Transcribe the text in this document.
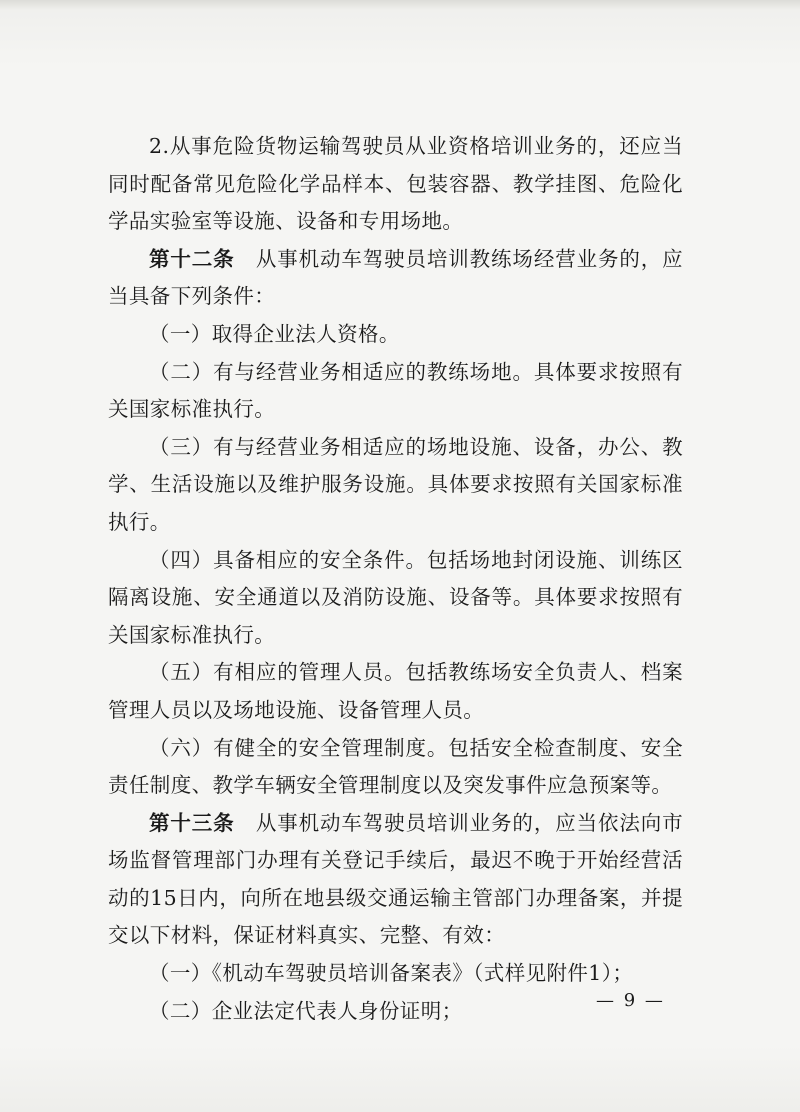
2.从事危险货物运输驾驶员从业资格培训业务的，还应当同时配备常见危险化学品样本、包装容器、教学挂图、危险化学品实验室等设施、设备和专用场地。

第十二条　从事机动车驾驶员培训教练场经营业务的，应当具备下列条件：

（一）取得企业法人资格。

（二）有与经营业务相适应的教练场地。具体要求按照有关国家标准执行。

（三）有与经营业务相适应的场地设施、设备，办公、教学、生活设施以及维护服务设施。具体要求按照有关国家标准执行。

（四）具备相应的安全条件。包括场地封闭设施、训练区隔离设施、安全通道以及消防设施、设备等。具体要求按照有关国家标准执行。

（五）有相应的管理人员。包括教练场安全负责人、档案管理人员以及场地设施、设备管理人员。

（六）有健全的安全管理制度。包括安全检查制度、安全责任制度、教学车辆安全管理制度以及突发事件应急预案等。

第十三条　从事机动车驾驶员培训业务的，应当依法向市场监督管理部门办理有关登记手续后，最迟不晚于开始经营活动的15日内，向所在地县级交通运输主管部门办理备案，并提交以下材料，保证材料真实、完整、有效：

（一）《机动车驾驶员培训备案表》（式样见附件1）；

（二）企业法定代表人身份证明；	— 9 —
